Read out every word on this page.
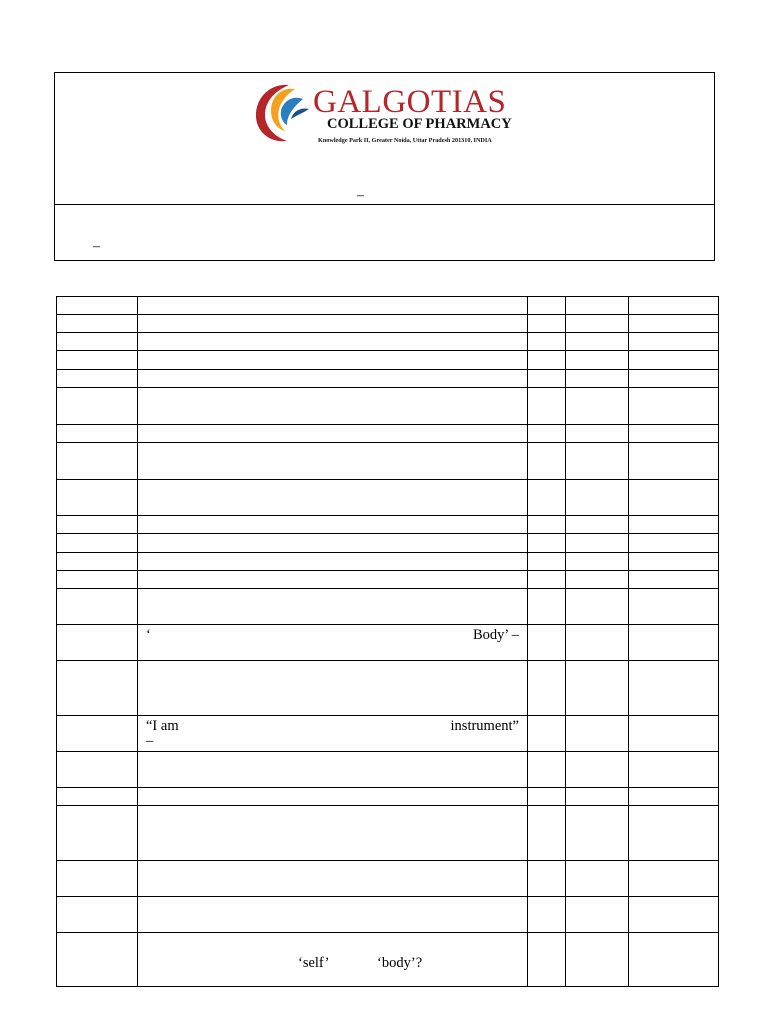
GALGOTIAS
COLLEGE OF PHARMACY
Knowledge Park II, Greater Noida, Uttar Pradesh 201310, INDIA
–
–

	‘ Body’ –			

	“I am instrument”
–			

	‘self’ ‘body’?			
